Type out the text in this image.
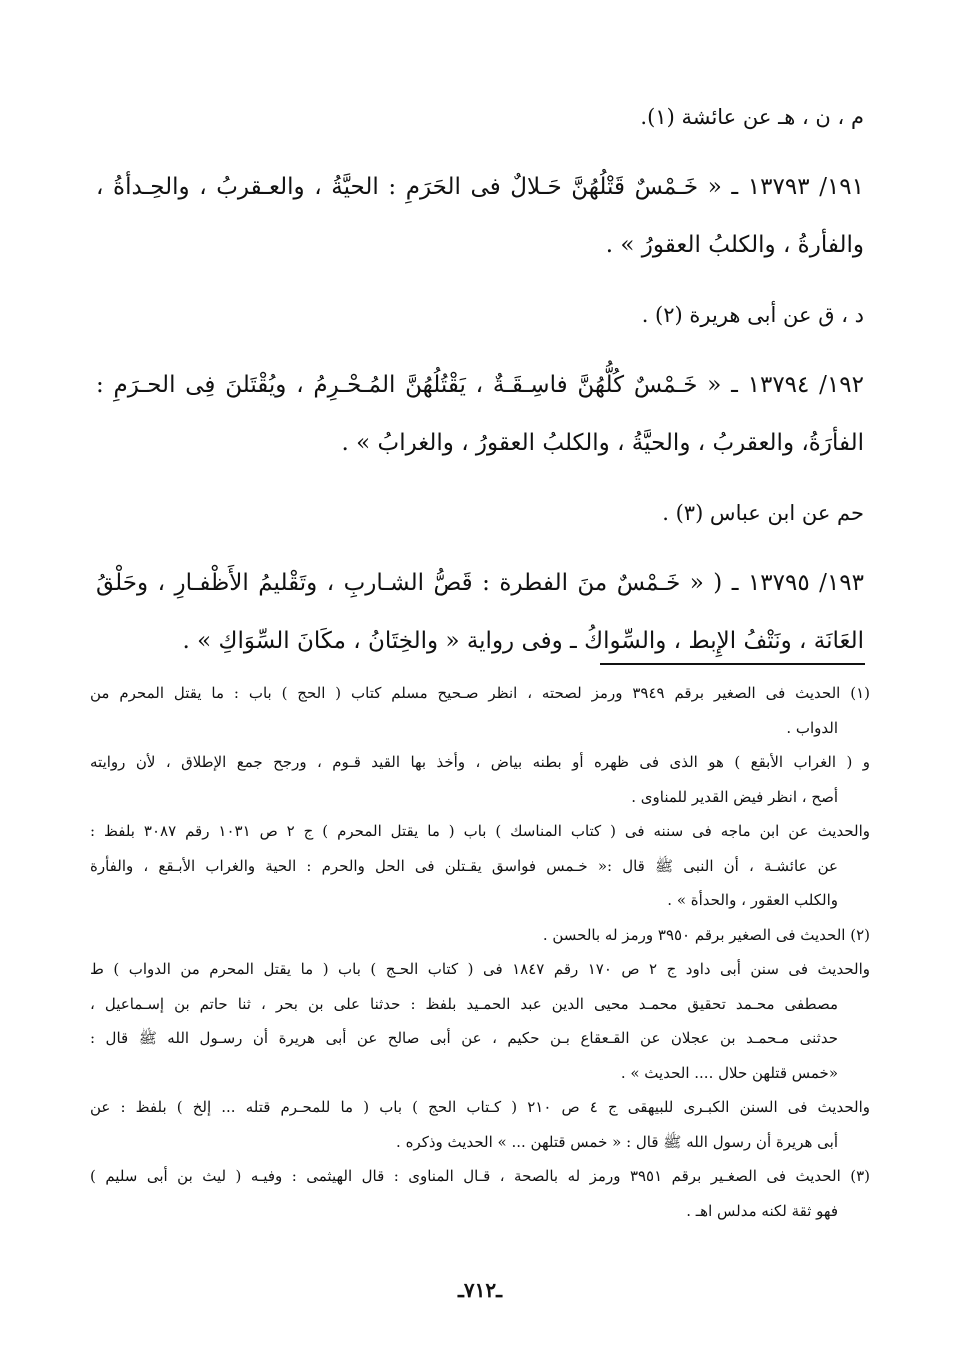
م ، ن ، هـ عن عائشة (١).

١٩١/ ١٣٧٩٣ ـ « خَـمْسٌ قَتْلُهُنَّ حَـلالٌ فى الحَرَمِ : الحيَّةُ ، والعـقربُ ، والحِـدأةُ ،

والفأرةُ ، والكلبُ العقورُ » .

د ، ق عن أبى هريرة (٢) .

١٩٢/ ١٣٧٩٤ ـ « خَـمْسٌ كُلُّهُنَّ فاسِـقَـةٌ ، يَقْتُلُهُنَّ المُـحْـرِمُ ، ويُقْتَلنَ فِى الحـرَمِ :

الفأرَةُ، والعقربُ ، والحيَّةُ ، والكلبُ العقورُ ، والغرابُ » .

حم عن ابن عباس (٣) .

١٩٣/ ١٣٧٩٥ ـ ( « خَـمْسٌ منَ الفطرة : قَصُّ الشـاربِ ، وتَقْليمُ الأَظْفـارِ ، وحَلْقُ

العَانَة ، ونَتْفُ الإِبط ، والسِّواكُ ـ وفى رواية « والخِتَانُ ، مكَانَ السِّوَاكِ » .

(١) الحديث فى الصغير برقم ٣٩٤٩ ورمز لصحته ، انظر صـحيح مسلم كتاب ( الحج ) باب : ما يقتل المحرم من

الدواب .

و ( الغراب الأبقع ) هو الذى فى ظهره أو بطنه بياض ، وأخذ بها القيد قـوم ، ورجح جمع الإطلاق ، لأن روايته

أصح ، انظر فيض القدير للمناوى .

والحديث عن ابن ماجه فى سننه فى ( كتاب المناسك ) باب ( ما يقتل المحرم ) ج ٢ ص ١٠٣١ رقم ٣٠٨٧ بلفظ :

عن عائشـة ، أن النبى ﷺ قال :« خـمس فواسق يقـتلن فى الحل والحرم : الحية والغراب الأبـقع ، والفأرة

والكلب العقور ، والحدأة » .

(٢) الحديث فى الصغير برقم ٣٩٥٠ ورمز له بالحسن .

والحديث فى سنن أبى داود ج ٢ ص ١٧٠ رقم ١٨٤٧ فى ( كتاب الحـج ) باب ( ما يقتل المحرم من الدواب ) ط

مصطفى محـمد تحقيق محمـد محيى الدين عبد الحمـيد بلفظ : حدثنا على بن بحر ، ثنا حاتم بن إسـماعيل ،

حدثنى مـحمـد بن عجلان عن القـعقاع بـن حكيم ، عن أبى صالح عن أبى هريرة أن رسـول الله ﷺ قال :

«خمس قتلهن حلال .... الحديث » .

والحديث فى السنن الكبـرى للبيهقى ج ٤ ص ٢١٠ ( كـتاب الحج ) باب ( ما للمحـرم قتله ... إلخ ) بلفظ : عن

أبى هريرة أن رسول الله ﷺ قال : « خمس قتلهن ... » الحديث وذكره .

(٣) الحديث فى الصغـير برقم ٣٩٥١ ورمز له بالصحة ، قـال المناوى : قال الهيثمى : وفيـه ( ليث بن أبى سليم )

فهو ثقة لكنه مدلس اهـ .

ـ٧١٢ـ
